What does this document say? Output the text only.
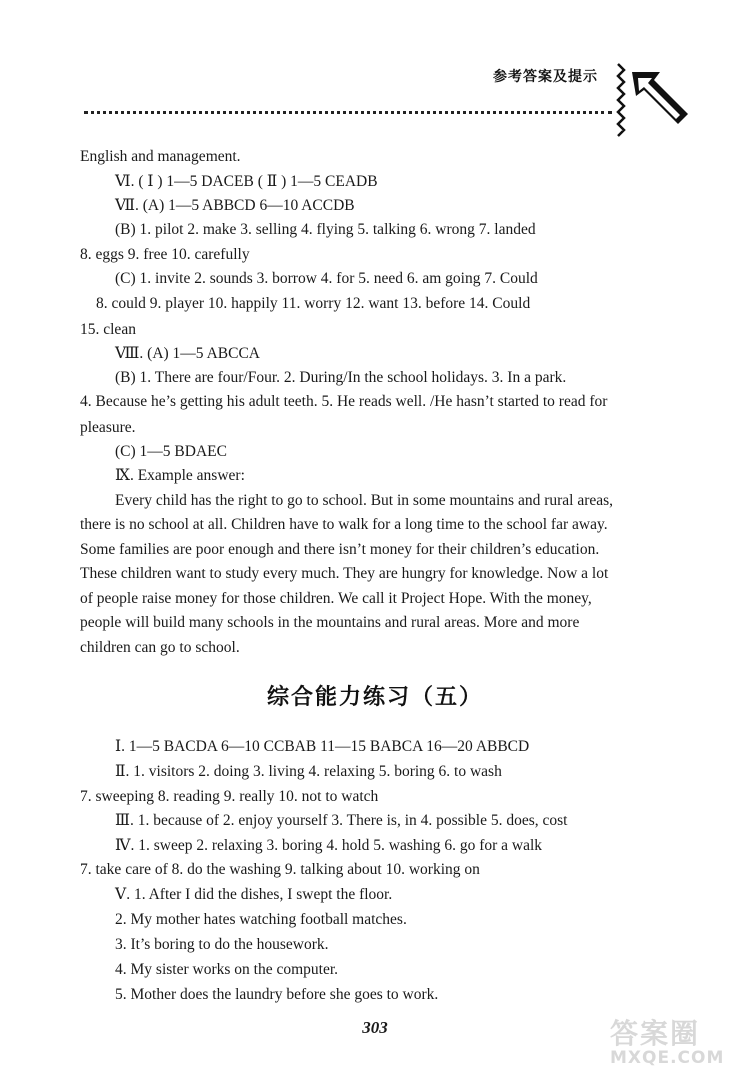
参考答案及提示
English and management.
Ⅵ. ( Ⅰ ) 1—5 DACEB ( Ⅱ ) 1—5 CEADB
Ⅶ. (A) 1—5 ABBCD 6—10 ACCDB
(B) 1. pilot 2. make 3. selling 4. flying 5. talking 6. wrong 7. landed
8. eggs 9. free 10. carefully
(C) 1. invite 2. sounds 3. borrow 4. for 5. need 6. am going 7. Could
8. could 9. player 10. happily 11. worry 12. want 13. before 14. Could
15. clean
Ⅷ. (A) 1—5 ABCCA
(B) 1. There are four/Four. 2. During/In the school holidays. 3. In a park.
4. Because he’s getting his adult teeth. 5. He reads well. /He hasn’t started to read for
pleasure.
(C) 1—5 BDAEC
Ⅸ. Example answer:
Every child has the right to go to school. But in some mountains and rural areas,
there is no school at all. Children have to walk for a long time to the school far away.
Some families are poor enough and there isn’t money for their children’s education.
These children want to study every much. They are hungry for knowledge. Now a lot
of people raise money for those children. We call it Project Hope. With the money,
people will build many schools in the mountains and rural areas. More and more
children can go to school.
综合能力练习（五）
Ⅰ. 1—5 BACDA 6—10 CCBAB 11—15 BABCA 16—20 ABBCD
Ⅱ. 1. visitors 2. doing 3. living 4. relaxing 5. boring 6. to wash
7. sweeping 8. reading 9. really 10. not to watch
Ⅲ. 1. because of 2. enjoy yourself 3. There is, in 4. possible 5. does, cost
Ⅳ. 1. sweep 2. relaxing 3. boring 4. hold 5. washing 6. go for a walk
7. take care of 8. do the washing 9. talking about 10. working on
Ⅴ. 1. After I did the dishes, I swept the floor.
2. My mother hates watching football matches.
3. It’s boring to do the housework.
4. My sister works on the computer.
5. Mother does the laundry before she goes to work.
303	答案圈
MXQE.COM
